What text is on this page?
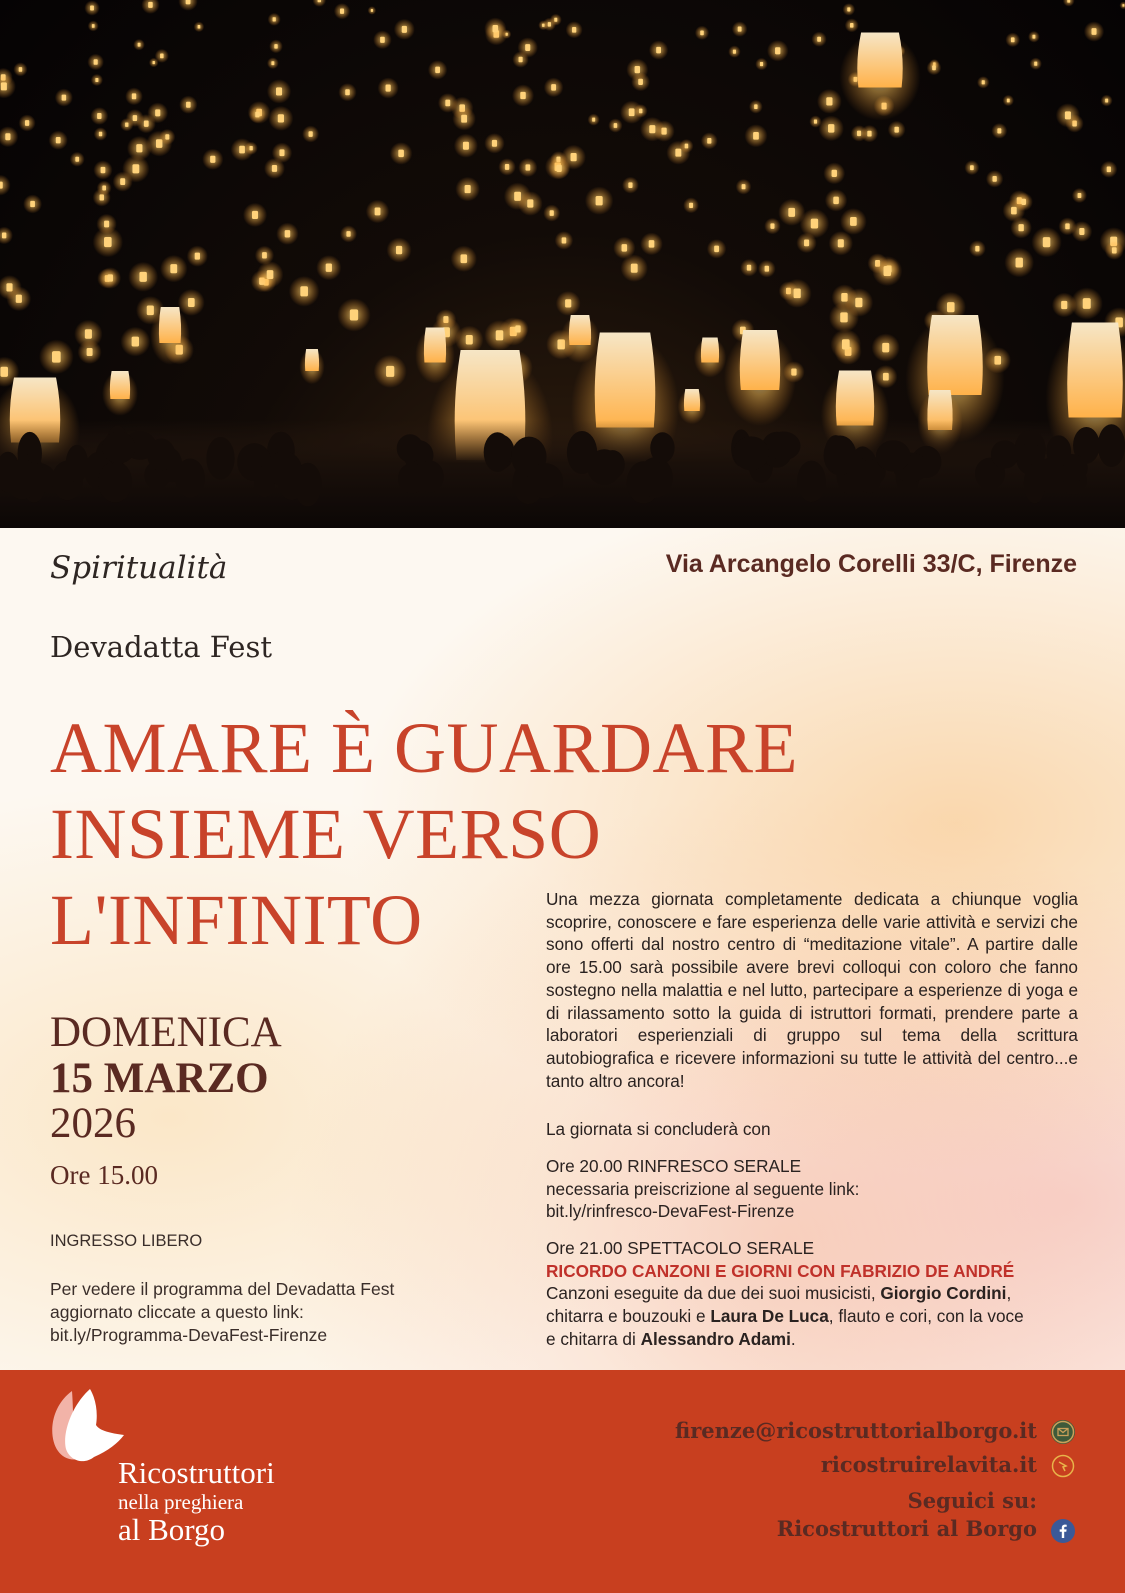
Spiritualità	Via Arcangelo Corelli 33/C, Firenze
Devadatta Fest
AMARE È GUARDARE
INSIEME VERSO
L'INFINITO
DOMENICA
15 MARZO
2026
Ore 15.00
INGRESSO LIBERO
Per vedere il programma del Devadatta Fest
aggiornato cliccate a questo link:
bit.ly/Programma-DevaFest-Firenze
Una mezza giornata completamente dedicata a chiunque voglia scoprire, conoscere e fare esperienza delle varie attività e servizi che sono offerti dal nostro centro di “meditazione vitale”. A partire dalle ore 15.00 sarà possibile avere brevi colloqui con coloro che fanno sostegno nella malattia e nel lutto, partecipare a esperienze di yoga e di rilassamento sotto la guida di istruttori formati, prendere parte a laboratori esperienziali di gruppo sul tema della scrittura autobiografica e ricevere informazioni su tutte le attività del centro...e tanto altro ancora!
La giornata si concluderà con
Ore 20.00 RINFRESCO SERALE
necessaria preiscrizione al seguente link:
bit.ly/rinfresco-DevaFest-Firenze
Ore 21.00 SPETTACOLO SERALE
RICORDO CANZONI E GIORNI CON FABRIZIO DE ANDRÉ
Canzoni eseguite da due dei suoi musicisti, Giorgio Cordini,
chitarra e bouzouki e Laura De Luca, flauto e cori, con la voce
e chitarra di Alessandro Adami.
Ricostruttori
nella preghiera
al Borgo
firenze@ricostruttorialborgo.it
ricostruirelavita.it
Seguici su:
Ricostruttori al Borgo
